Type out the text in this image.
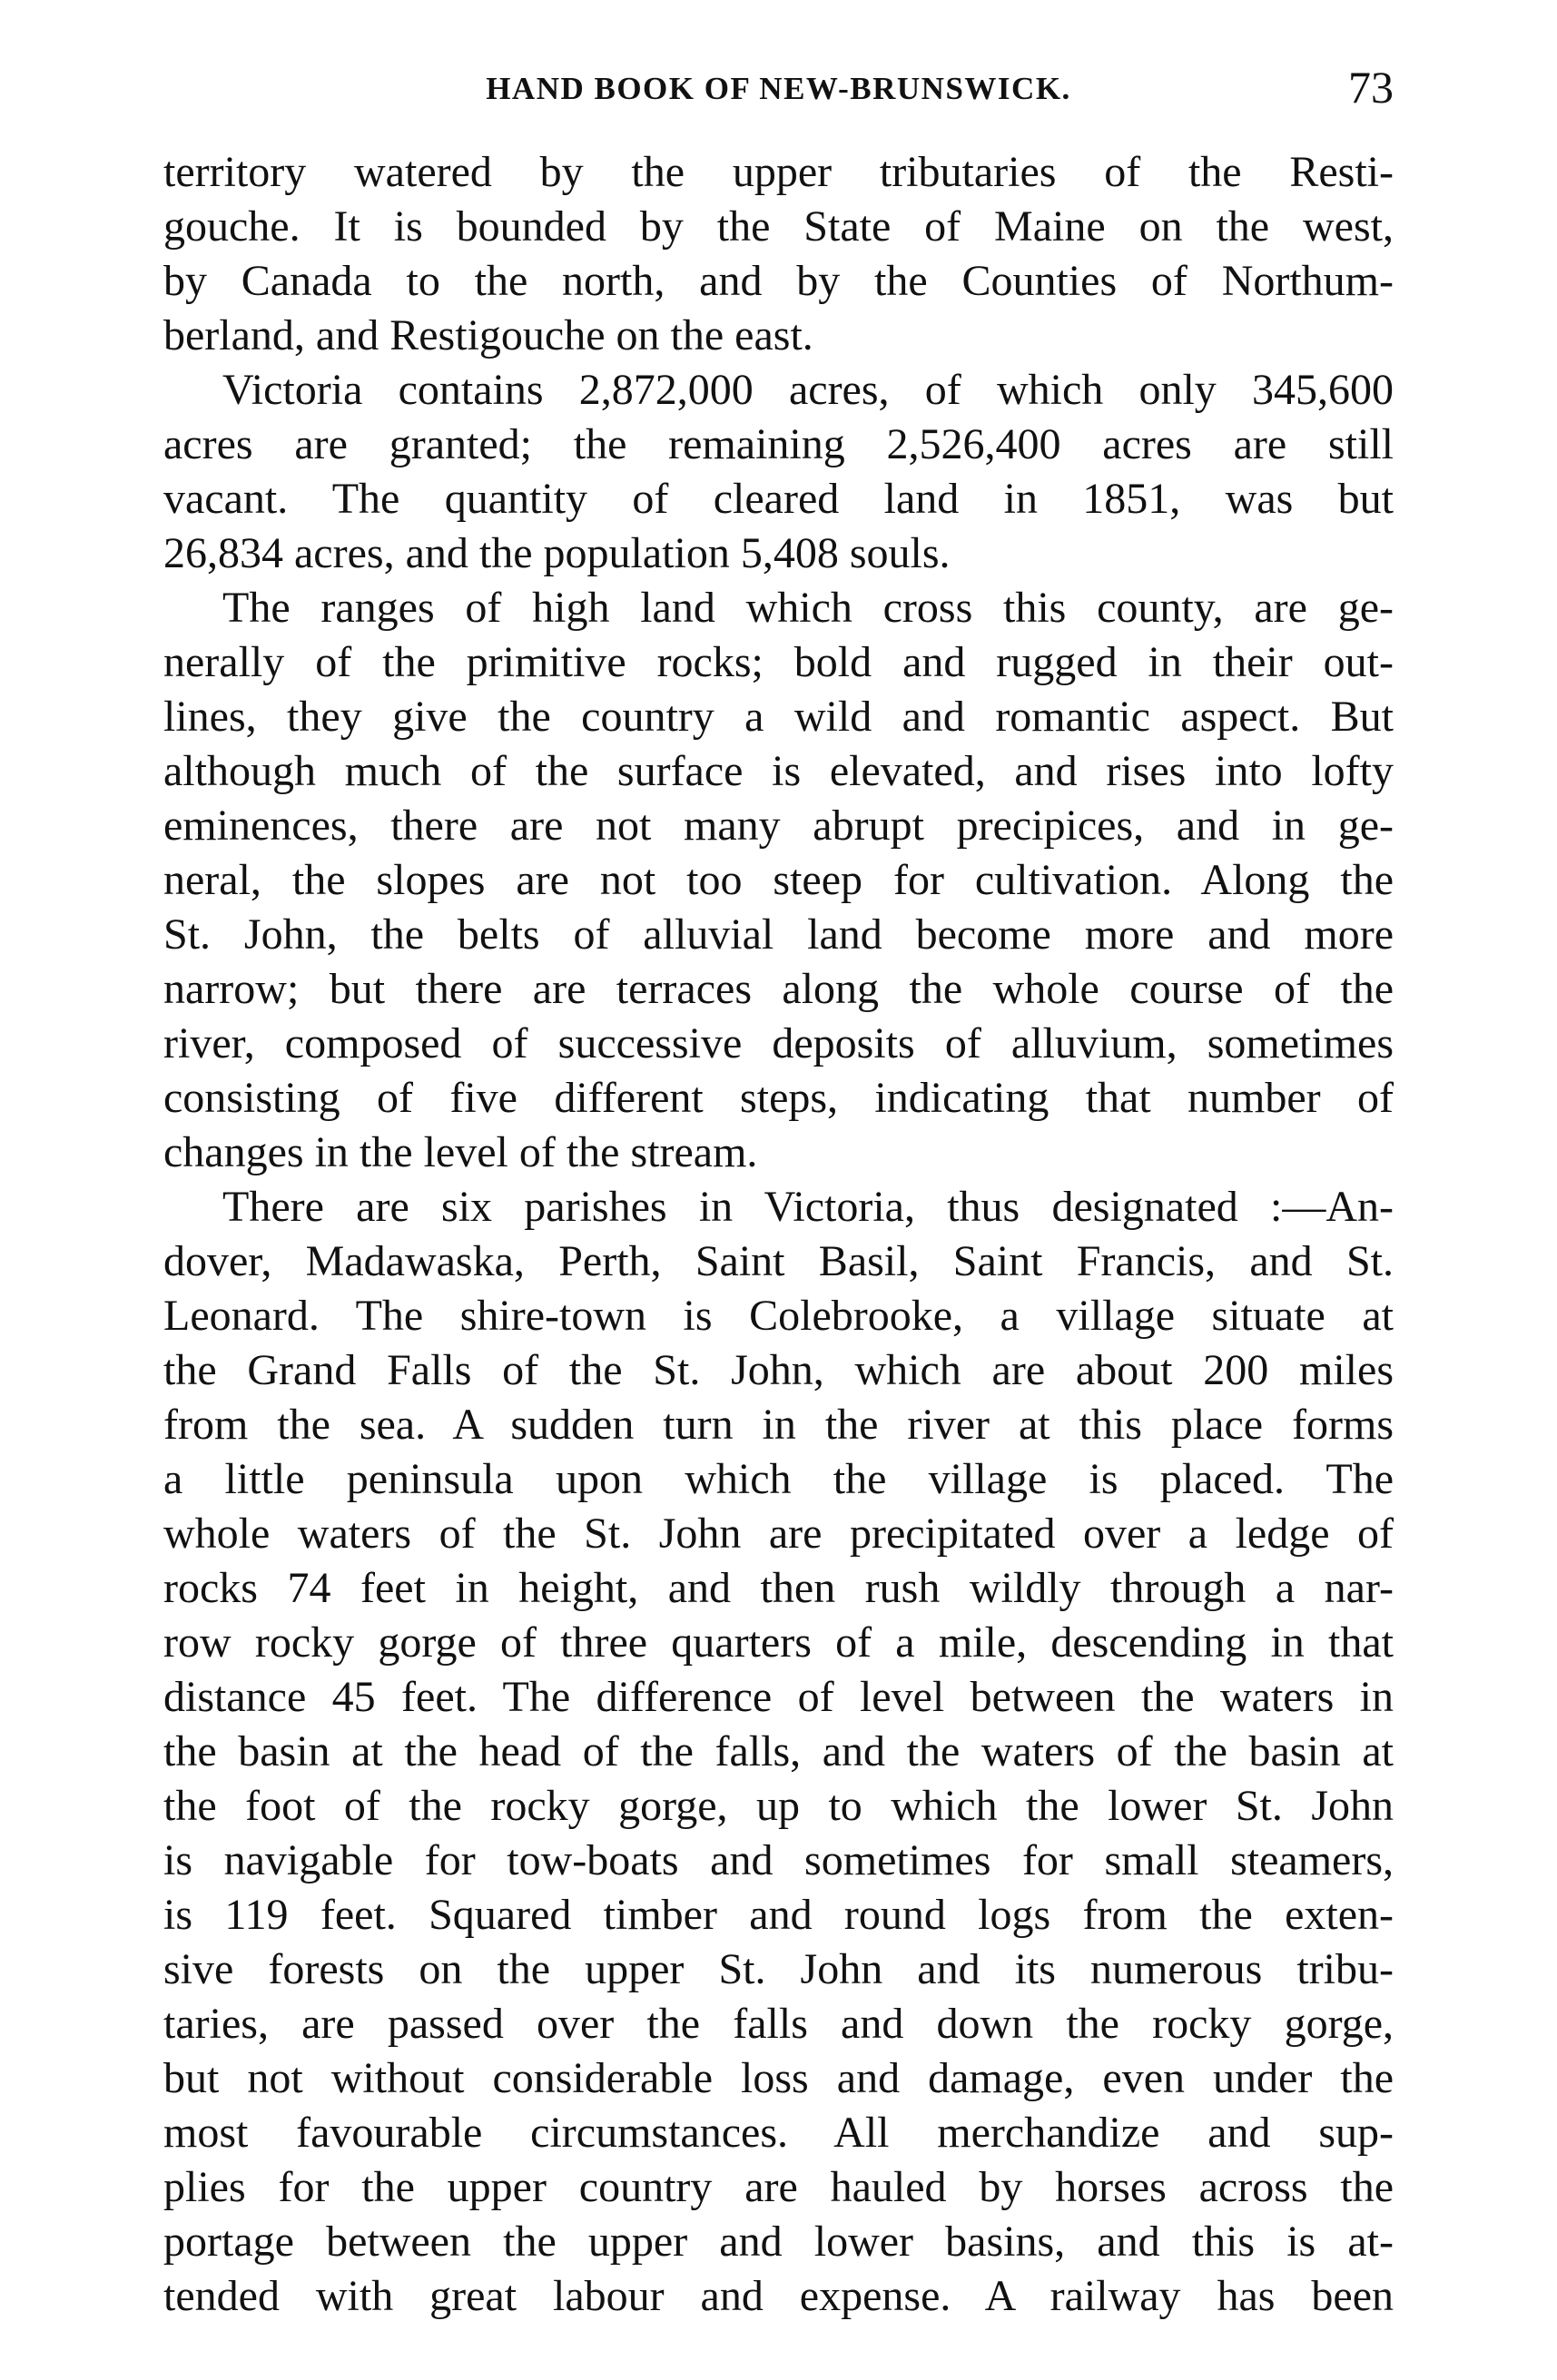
HAND BOOK OF NEW-BRUNSWICK.	73
territory watered by the upper tributaries of the Resti-
gouche. It is bounded by the State of Maine on the west,
by Canada to the north, and by the Counties of Northum-
berland, and Restigouche on the east.
Victoria contains 2,872,000 acres, of which only 345,600
acres are granted; the remaining 2,526,400 acres are still
vacant. The quantity of cleared land in 1851, was but
26,834 acres, and the population 5,408 souls.
The ranges of high land which cross this county, are ge-
nerally of the primitive rocks; bold and rugged in their out-
lines, they give the country a wild and romantic aspect. But
although much of the surface is elevated, and rises into lofty
eminences, there are not many abrupt precipices, and in ge-
neral, the slopes are not too steep for cultivation. Along the
St. John, the belts of alluvial land become more and more
narrow; but there are terraces along the whole course of the
river, composed of successive deposits of alluvium, sometimes
consisting of five different steps, indicating that number of
changes in the level of the stream.
There are six parishes in Victoria, thus designated :—An-
dover, Madawaska, Perth, Saint Basil, Saint Francis, and St.
Leonard. The shire-town is Colebrooke, a village situate at
the Grand Falls of the St. John, which are about 200 miles
from the sea. A sudden turn in the river at this place forms
a little peninsula upon which the village is placed. The
whole waters of the St. John are precipitated over a ledge of
rocks 74 feet in height, and then rush wildly through a nar-
row rocky gorge of three quarters of a mile, descending in that
distance 45 feet. The difference of level between the waters in
the basin at the head of the falls, and the waters of the basin at
the foot of the rocky gorge, up to which the lower St. John
is navigable for tow-boats and sometimes for small steamers,
is 119 feet. Squared timber and round logs from the exten-
sive forests on the upper St. John and its numerous tribu-
taries, are passed over the falls and down the rocky gorge,
but not without considerable loss and damage, even under the
most favourable circumstances. All merchandize and sup-
plies for the upper country are hauled by horses across the
portage between the upper and lower basins, and this is at-
tended with great labour and expense. A railway has been
